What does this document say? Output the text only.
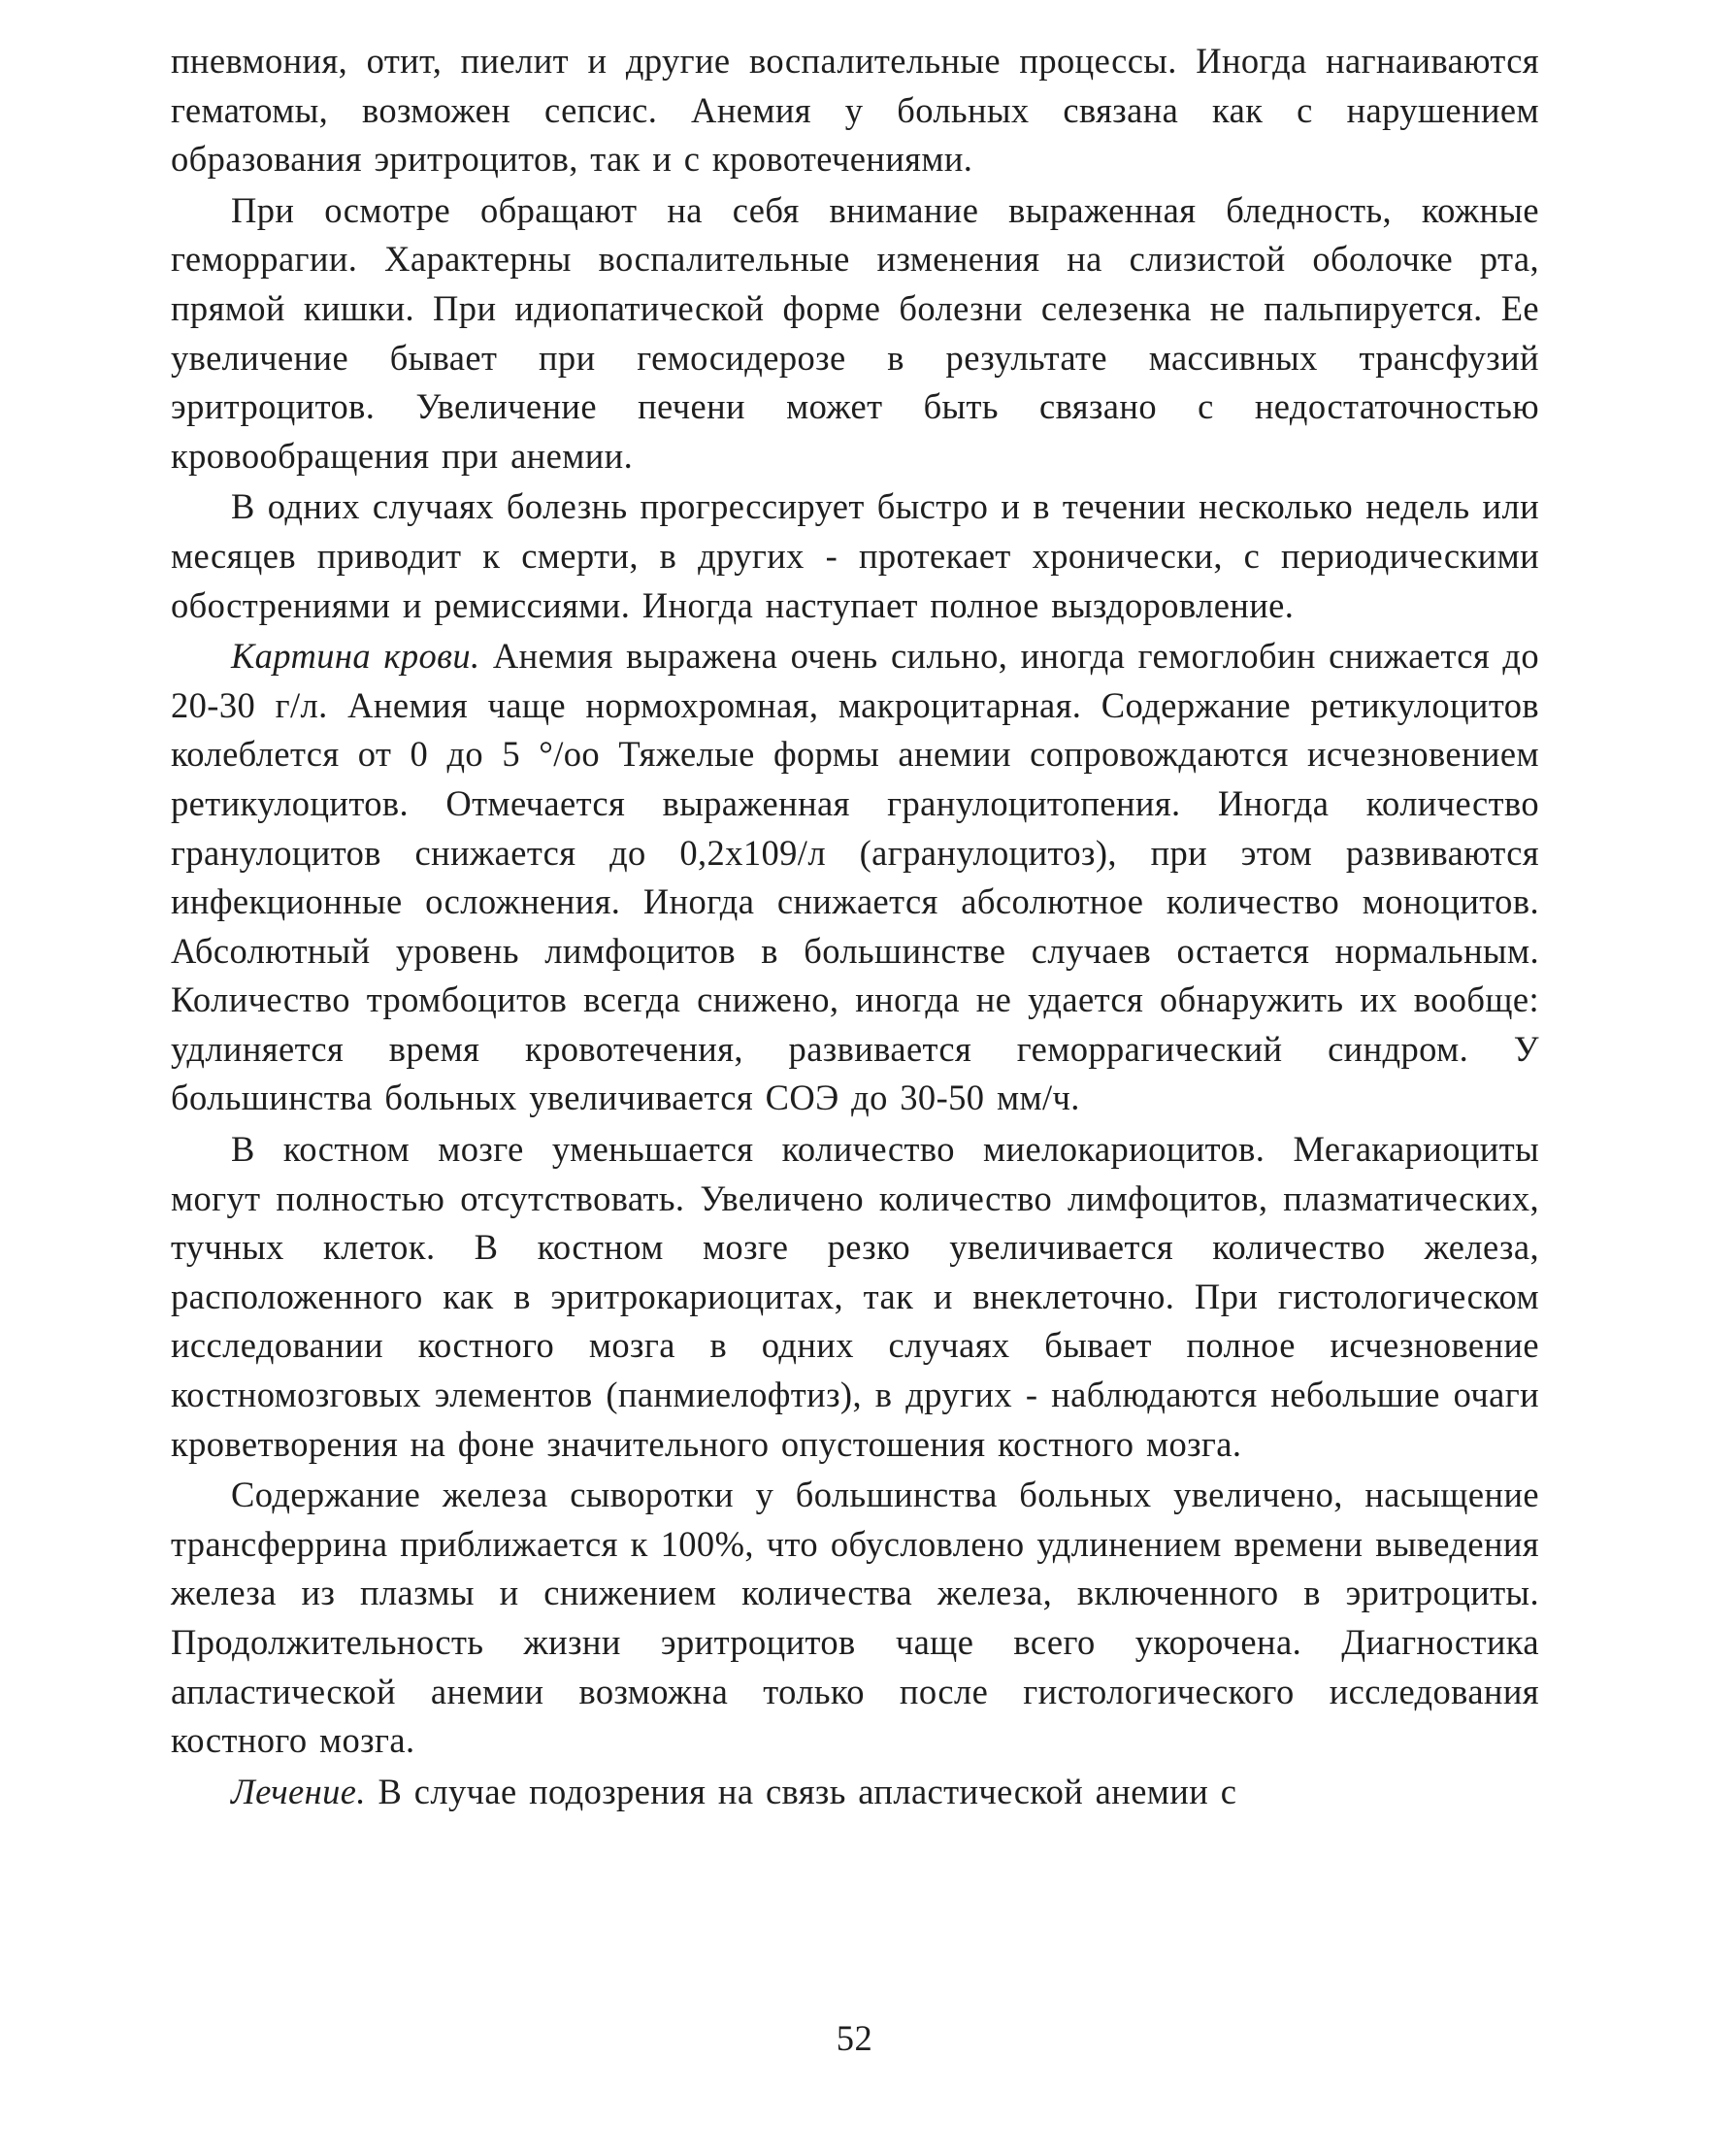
пневмония, отит, пиелит и другие воспалительные процессы. Иногда нагнаиваются гематомы, возможен сепсис. Анемия у больных связана как с нарушением образования эритроцитов, так и с кровотечениями.

При осмотре обращают на себя внимание выраженная бледность, кожные геморрагии. Характерны воспалительные изменения на слизистой оболочке рта, прямой кишки. При идиопатической форме болезни селезенка не пальпируется. Ее увеличение бывает при гемосидерозе в результате массивных трансфузий эритроцитов. Увеличение печени может быть связано с недостаточностью кровообращения при анемии.

В одних случаях болезнь прогрессирует быстро и в течении несколько недель или месяцев приводит к смерти, в других - протекает хронически, с периодическими обострениями и ремиссиями. Иногда наступает полное выздоровление.

Картина крови. Анемия выражена очень сильно, иногда гемоглобин снижается до 20-30 г/л. Анемия чаще нормохромная, макроцитарная. Содержание ретикулоцитов колеблется от 0 до 5 °/оо Тяжелые формы анемии сопровождаются исчезновением ретикулоцитов. Отмечается выраженная гранулоцитопения. Иногда количество гранулоцитов снижается до 0,2х109/л (агранулоцитоз), при этом развиваются инфекционные осложнения. Иногда снижается абсолютное количество моноцитов. Абсолютный уровень лимфоцитов в большинстве случаев остается нормальным. Количество тромбоцитов всегда снижено, иногда не удается обнаружить их вообще: удлиняется время кровотечения, развивается геморрагический синдром. У большинства больных увеличивается СОЭ до 30-50 мм/ч.

В костном мозге уменьшается количество миелокариоцитов. Мегакариоциты могут полностью отсутствовать. Увеличено количество лимфоцитов, плазматических, тучных клеток. В костном мозге резко увеличивается количество железа, расположенного как в эритрокариоцитах, так и внеклеточно. При гистологическом исследовании костного мозга в одних случаях бывает полное исчезновение костномозговых элементов (панмиелофтиз), в других - наблюдаются небольшие очаги кроветворения на фоне значительного опустошения костного мозга.

Содержание железа сыворотки у большинства больных увеличено, насыщение трансферрина приближается к 100%, что обусловлено удлинением времени выведения железа из плазмы и снижением количества железа, включенного в эритроциты. Продолжительность жизни эритроцитов чаще всего укорочена. Диагностика апластической анемии возможна только после гистологического исследования костного мозга.

Лечение. В случае подозрения на связь апластической анемии с

52
